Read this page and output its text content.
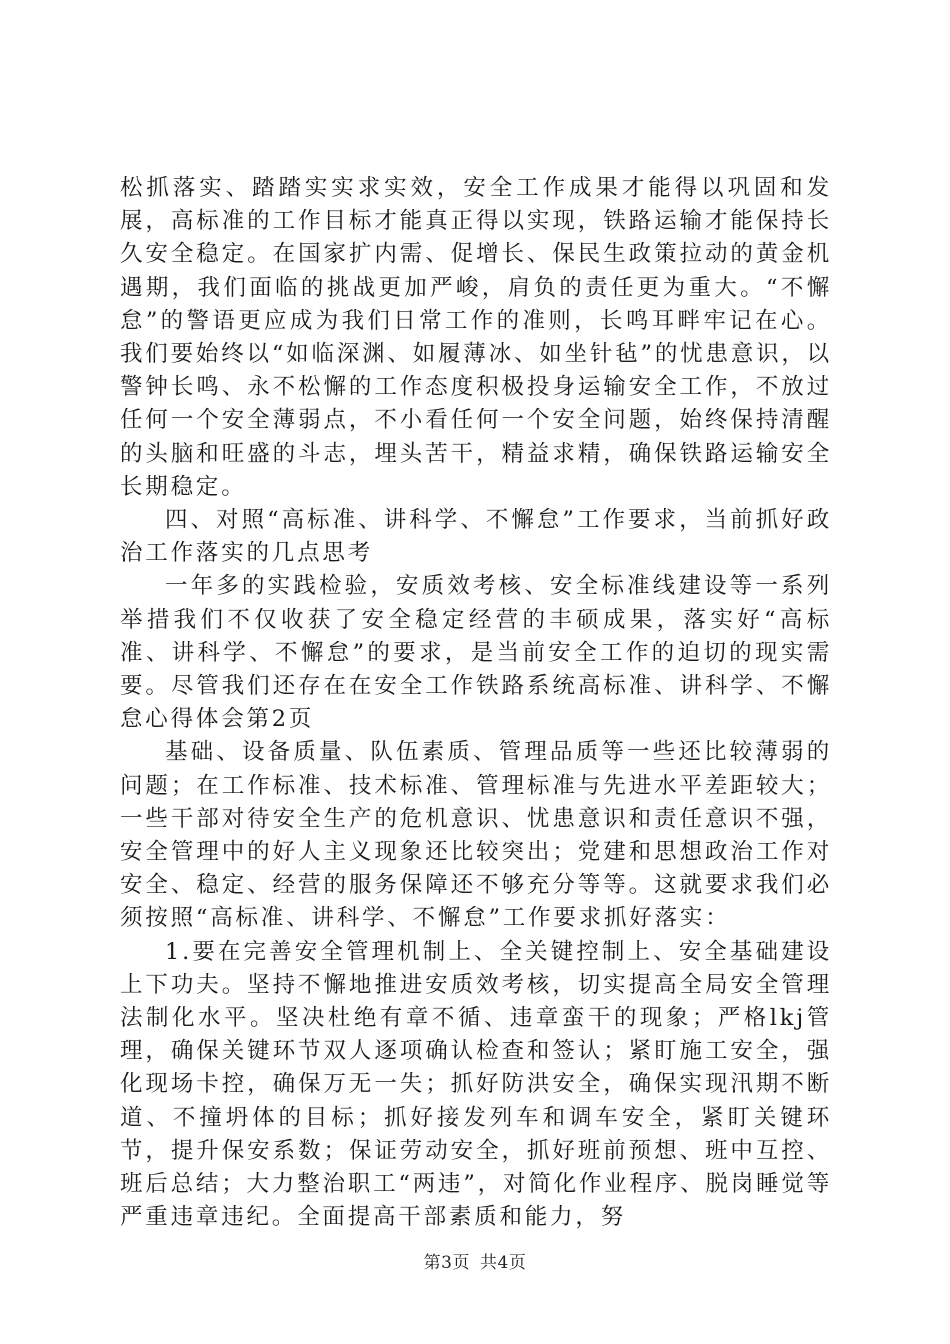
松抓落实、踏踏实实求实效，安全工作成果才能得以巩固和发展，高标准的工作目标才能真正得以实现，铁路运输才能保持长久安全稳定。在国家扩内需、促增长、保民生政策拉动的黄金机遇期，我们面临的挑战更加严峻，肩负的责任更为重大。“不懈怠”的警语更应成为我们日常工作的准则，长鸣耳畔牢记在心。我们要始终以“如临深渊、如履薄冰、如坐针毡”的忧患意识，以警钟长鸣、永不松懈的工作态度积极投身运输安全工作，不放过任何一个安全薄弱点，不小看任何一个安全问题，始终保持清醒的头脑和旺盛的斗志，埋头苦干，精益求精，确保铁路运输安全长期稳定。

四、对照“高标准、讲科学、不懈怠”工作要求，当前抓好政治工作落实的几点思考

一年多的实践检验，安质效考核、安全标准线建设等一系列举措我们不仅收获了安全稳定经营的丰硕成果，落实好“高标准、讲科学、不懈怠”的要求，是当前安全工作的迫切的现实需要。尽管我们还存在在安全工作铁路系统高标准、讲科学、不懈怠心得体会第2页

基础、设备质量、队伍素质、管理品质等一些还比较薄弱的问题；在工作标准、技术标准、管理标准与先进水平差距较大；一些干部对待安全生产的危机意识、忧患意识和责任意识不强，安全管理中的好人主义现象还比较突出；党建和思想政治工作对安全、稳定、经营的服务保障还不够充分等等。这就要求我们必须按照“高标准、讲科学、不懈怠”工作要求抓好落实：

1.要在完善安全管理机制上、全关键控制上、安全基础建设上下功夫。坚持不懈地推进安质效考核，切实提高全局安全管理法制化水平。坚决杜绝有章不循、违章蛮干的现象；严格lkj管理，确保关键环节双人逐项确认检查和签认；紧盯施工安全，强化现场卡控，确保万无一失；抓好防洪安全，确保实现汛期不断道、不撞坍体的目标；抓好接发列车和调车安全，紧盯关键环节，提升保安系数；保证劳动安全，抓好班前预想、班中互控、班后总结；大力整治职工“两违”，对简化作业程序、脱岗睡觉等严重违章违纪。全面提高干部素质和能力，努

第3页 共4页
